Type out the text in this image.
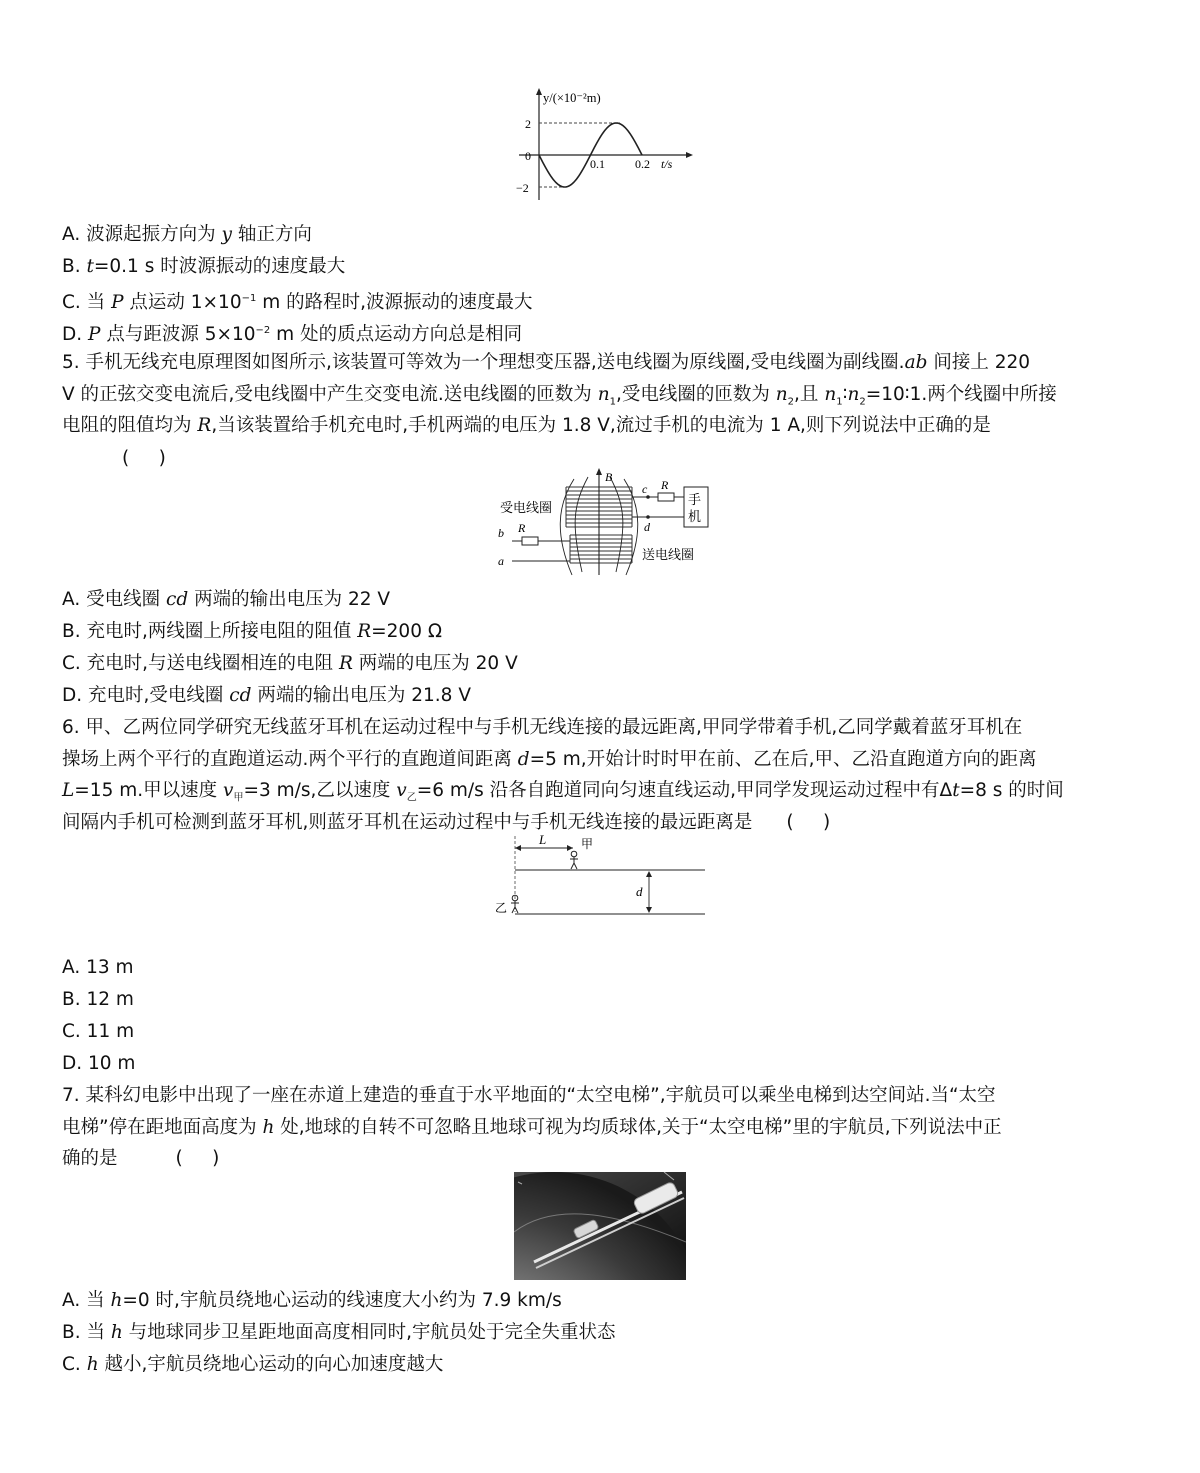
y/(×10⁻²m)
2
0
−2
0.1	0.2 t/s
A. 波源起振方向为 y 轴正方向
B. t=0.1 s 时波源振动的速度最大
C. 当 P 点运动 $1\times 10^{-1}$ m 的路程时,波源振动的速度最大
D. P 点与距波源 $5\times 10^{-2}$ m 处的质点运动方向总是相同
5. 手机无线充电原理图如图所示,该装置可等效为一个理想变压器,送电线圈为原线圈,受电线圈为副线圈.ab 间接上 220
V 的正弦交变电流后,受电线圈中产生交变电流.送电线圈的匝数为 $n_1$,受电线圈的匝数为 $n_2$,且 $n_1∶n_2=10∶1$.两个线圈中所接
电阻的阻值均为 R,当该装置给手机充电时,手机两端的电压为 1.8 V,流过手机的电流为 1 A,则下列说法中正确的是
(     )
B
c
d
R
手
机
R
b
a
受电线圈
送电线圈
A. 受电线圈 cd 两端的输出电压为 22 V
B. 充电时,两线圈上所接电阻的阻值 R=200 Ω
C. 充电时,与送电线圈相连的电阻 R 两端的电压为 20 V
D. 充电时,受电线圈 cd 两端的输出电压为 21.8 V
6. 甲、乙两位同学研究无线蓝牙耳机在运动过程中与手机无线连接的最远距离,甲同学带着手机,乙同学戴着蓝牙耳机在
操场上两个平行的直跑道运动.两个平行的直跑道间距离 d=5 m,开始计时时甲在前、乙在后,甲、乙沿直跑道方向的距离
L=15 m.甲以速度 $v_甲=3$ m/s,乙以速度 $v_乙=6$ m/s 沿各自跑道同向匀速直线运动,甲同学发现运动过程中有Δt=8 s 的时间
间隔内手机可检测到蓝牙耳机,则蓝牙耳机在运动过程中与手机无线连接的最远距离是 (     )
L	甲
乙
d
A. 13 m
B. 12 m
C. 11 m
D. 10 m
7. 某科幻电影中出现了一座在赤道上建造的垂直于水平地面的“太空电梯”,宇航员可以乘坐电梯到达空间站.当“太空
电梯”停在距地面高度为 h 处,地球的自转不可忽略且地球可视为均质球体,关于“太空电梯”里的宇航员,下列说法中正
确的是	(     )
A. 当 h=0 时,宇航员绕地心运动的线速度大小约为 7.9 km/s
B. 当 h 与地球同步卫星距地面高度相同时,宇航员处于完全失重状态
C. h 越小,宇航员绕地心运动的向心加速度越大
